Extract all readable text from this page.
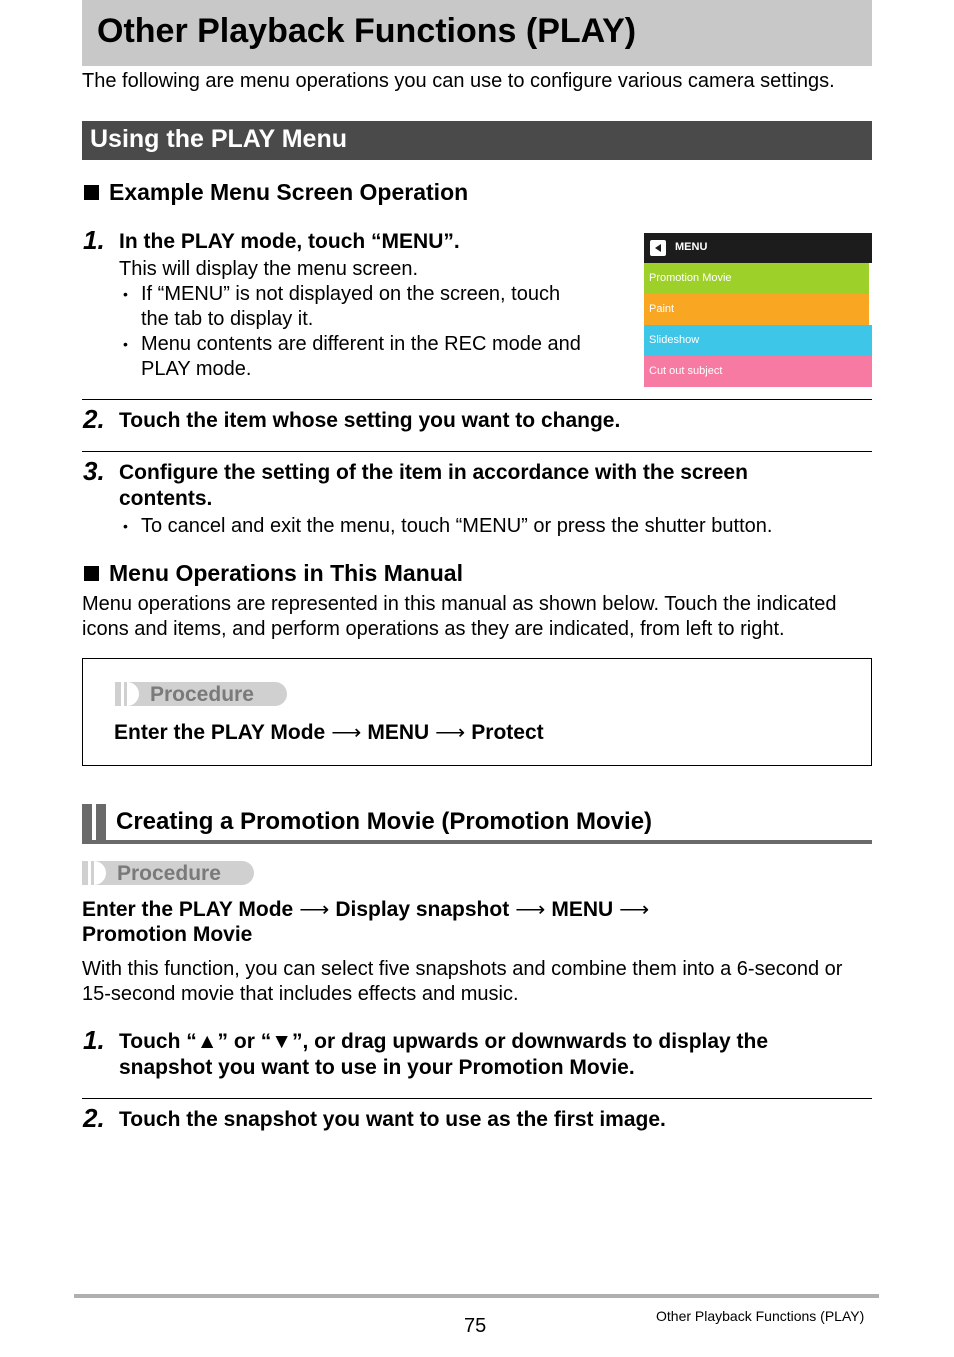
Other Playback Functions (PLAY)
The following are menu operations you can use to configure various camera settings.
Using the PLAY Menu
Example Menu Screen Operation
1. In the PLAY mode, touch “MENU”.
This will display the menu screen.
• If “MENU” is not displayed on the screen, touch the tab to display it.
• Menu contents are different in the REC mode and PLAY mode.
MENU
Promotion Movie
Paint
Slideshow
Cut out subject
2. Touch the item whose setting you want to change.
3. Configure the setting of the item in accordance with the screen contents.
• To cancel and exit the menu, touch “MENU” or press the shutter button.
Menu Operations in This Manual
Menu operations are represented in this manual as shown below. Touch the indicated icons and items, and perform operations as they are indicated, from left to right.
Procedure
Enter the PLAY Mode ⟶ MENU ⟶ Protect
Creating a Promotion Movie (Promotion Movie)
Procedure
Enter the PLAY Mode ⟶ Display snapshot ⟶ MENU ⟶
Promotion Movie
With this function, you can select five snapshots and combine them into a 6-second or 15-second movie that includes effects and music.
1. Touch “▲” or “▼”, or drag upwards or downwards to display the
snapshot you want to use in your Promotion Movie.
2. Touch the snapshot you want to use as the first image.
75	Other Playback Functions (PLAY)
